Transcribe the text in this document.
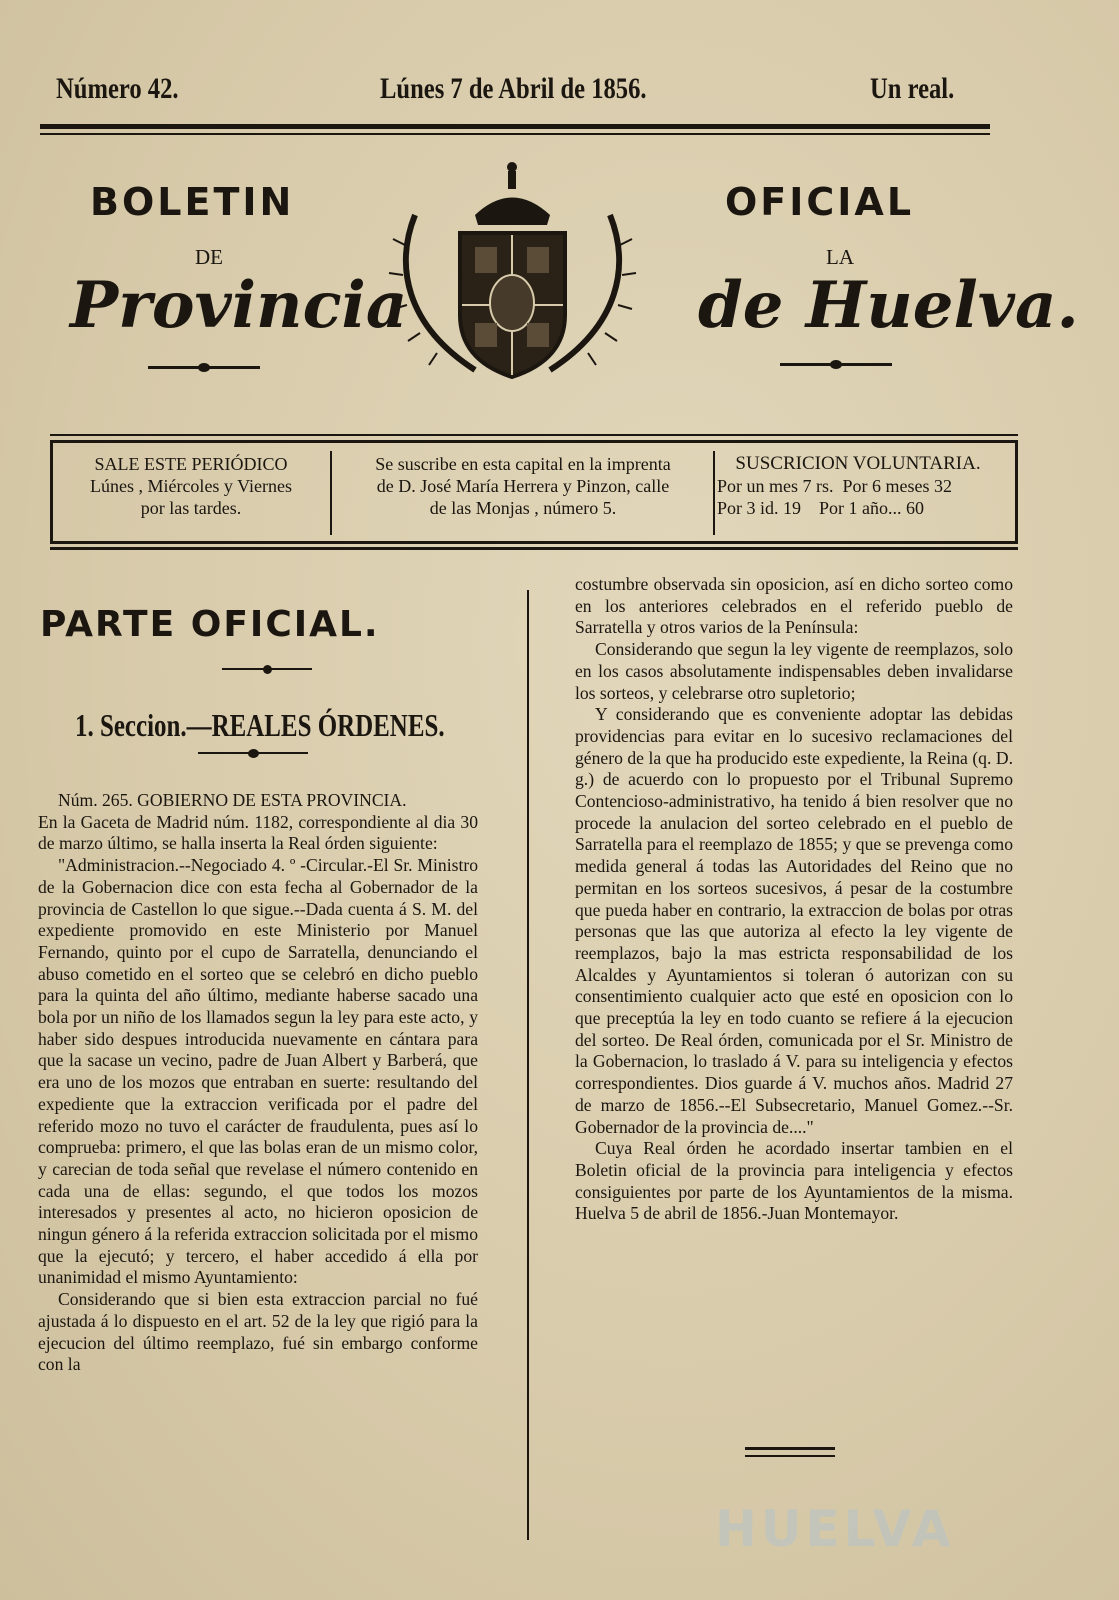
Número 42.	Lúnes 7 de Abril de 1856.	Un real.
BOLETIN	OFICIAL
DE	LA
Provincia	de Huelva.
SALE ESTE PERIÓDICO
Lúnes , Miércoles y Viernes
por las tardes.
Se suscribe en esta capital en la imprenta
de D. José María Herrera y Pinzon, calle
de las Monjas , número 5.
SUSCRICION VOLUNTARIA.
Por un mes 7 rs.  Por 6 meses 32
Por 3 id. 19    Por 1 año... 60
PARTE OFICIAL.
1. Seccion.—REALES ÓRDENES.

Núm. 265. GOBIERNO DE ESTA PROVINCIA.

En la Gaceta de Madrid núm. 1182, correspondiente al dia 30 de marzo último, se halla inserta la Real órden siguiente:

"Administracion.--Negociado 4. º -Circular.-El Sr. Ministro de la Gobernacion dice con esta fecha al Gobernador de la provincia de Castellon lo que sigue.--Dada cuenta á S. M. del expediente promovido en este Ministerio por Manuel Fernando, quinto por el cupo de Sarratella, denunciando el abuso cometido en el sorteo que se celebró en dicho pueblo para la quinta del año último, mediante haberse sacado una bola por un niño de los llamados segun la ley para este acto, y haber sido despues introducida nuevamente en cántara para que la sacase un vecino, padre de Juan Albert y Barberá, que era uno de los mozos que entraban en suerte: resultando del expediente que la extraccion verificada por el padre del referido mozo no tuvo el carácter de fraudulenta, pues así lo comprueba: primero, el que las bolas eran de un mismo color, y carecian de toda señal que revelase el número contenido en cada una de ellas: segundo, el que todos los mozos interesados y presentes al acto, no hicieron oposicion de ningun género á la referida extraccion solicitada por el mismo que la ejecutó; y tercero, el haber accedido á ella por unanimidad el mismo Ayuntamiento:

Considerando que si bien esta extraccion parcial no fué ajustada á lo dispuesto en el art. 52 de la ley que rigió para la ejecucion del último reemplazo, fué sin embargo conforme con la

costumbre observada sin oposicion, así en dicho sorteo como en los anteriores celebrados en el referido pueblo de Sarratella y otros varios de la Península:

Considerando que segun la ley vigente de reemplazos, solo en los casos absolutamente indispensables deben invalidarse los sorteos, y celebrarse otro supletorio;

Y considerando que es conveniente adoptar las debidas providencias para evitar en lo sucesivo reclamaciones del género de la que ha producido este expediente, la Reina (q. D. g.) de acuerdo con lo propuesto por el Tribunal Supremo Contencioso-administrativo, ha tenido á bien resolver que no procede la anulacion del sorteo celebrado en el pueblo de Sarratella para el reemplazo de 1855; y que se prevenga como medida general á todas las Autoridades del Reino que no permitan en los sorteos sucesivos, á pesar de la costumbre que pueda haber en contrario, la extraccion de bolas por otras personas que las que autoriza al efecto la ley vigente de reemplazos, bajo la mas estricta responsabilidad de los Alcaldes y Ayuntamientos si toleran ó autorizan con su consentimiento cualquier acto que esté en oposicion con lo que preceptúa la ley en todo cuanto se refiere á la ejecucion del sorteo. De Real órden, comunicada por el Sr. Ministro de la Gobernacion, lo traslado á V. para su inteligencia y efectos correspondientes. Dios guarde á V. muchos años. Madrid 27 de marzo de 1856.--El Subsecretario, Manuel Gomez.--Sr. Gobernador de la provincia de...."

Cuya Real órden he acordado insertar tambien en el Boletin oficial de la provincia para inteligencia y efectos consiguientes por parte de los Ayuntamientos de la misma. Huelva 5 de abril de 1856.-Juan Montemayor.

HUELVA
